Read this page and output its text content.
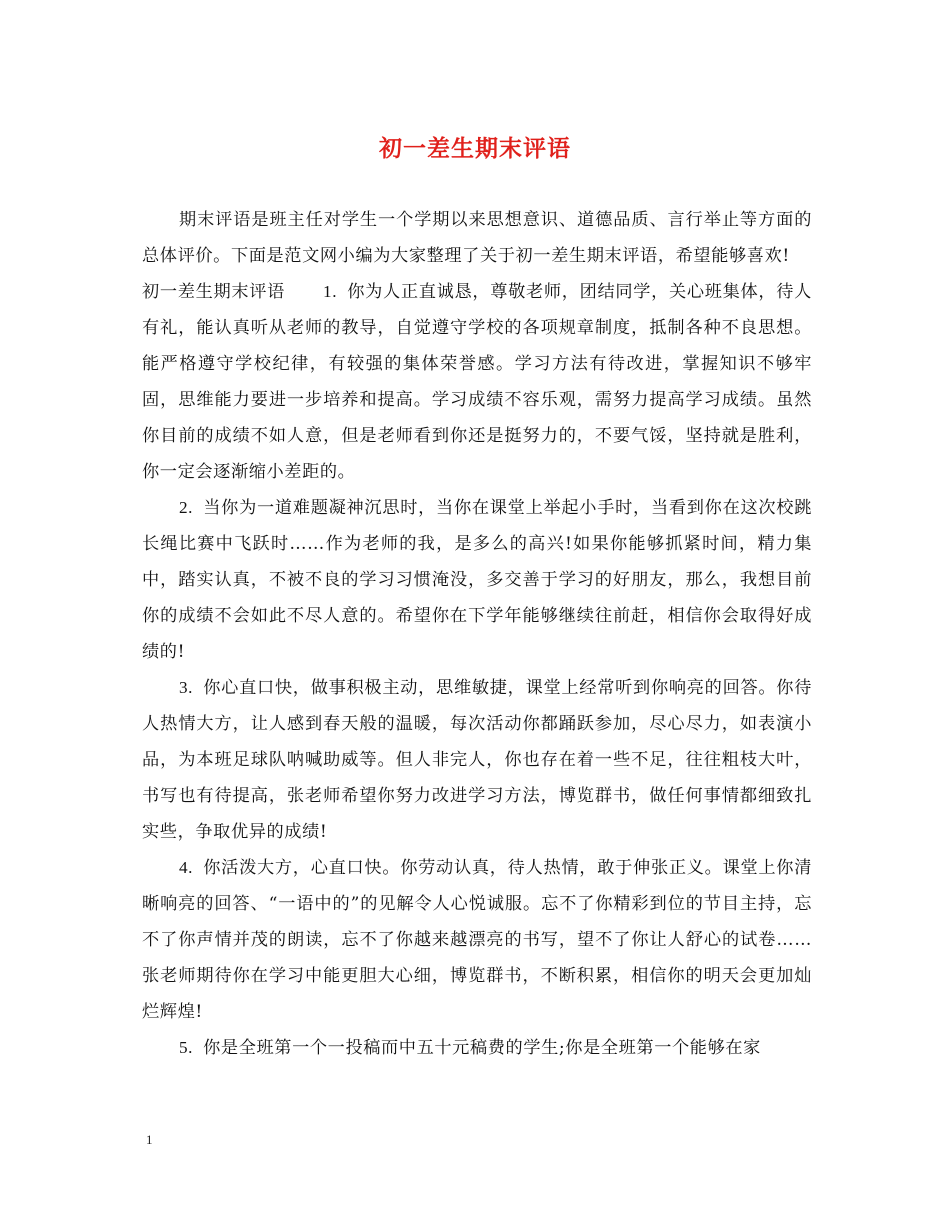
初一差生期末评语

期末评语是班主任对学生一个学期以来思想意识、道德品质、言行举止等方面的总体评价。下面是范文网小编为大家整理了关于初一差生期末评语，希望能够喜欢!

初一差生期末评语 1. 你为人正直诚恳，尊敬老师，团结同学，关心班集体，待人有礼，能认真听从老师的教导，自觉遵守学校的各项规章制度，抵制各种不良思想。能严格遵守学校纪律，有较强的集体荣誉感。学习方法有待改进，掌握知识不够牢固，思维能力要进一步培养和提高。学习成绩不容乐观，需努力提高学习成绩。虽然你目前的成绩不如人意，但是老师看到你还是挺努力的，不要气馁，坚持就是胜利，你一定会逐渐缩小差距的。

2. 当你为一道难题凝神沉思时，当你在课堂上举起小手时，当看到你在这次校跳长绳比赛中飞跃时……作为老师的我，是多么的高兴!如果你能够抓紧时间，精力集中，踏实认真，不被不良的学习习惯淹没，多交善于学习的好朋友，那么，我想目前你的成绩不会如此不尽人意的。希望你在下学年能够继续往前赶，相信你会取得好成绩的!

3. 你心直口快，做事积极主动，思维敏捷，课堂上经常听到你响亮的回答。你待人热情大方，让人感到春天般的温暖，每次活动你都踊跃参加，尽心尽力，如表演小品，为本班足球队呐喊助威等。但人非完人，你也存在着一些不足，往往粗枝大叶，书写也有待提高，张老师希望你努力改进学习方法，博览群书，做任何事情都细致扎实些，争取优异的成绩!

4. 你活泼大方，心直口快。你劳动认真，待人热情，敢于伸张正义。课堂上你清晰响亮的回答、“一语中的”的见解令人心悦诚服。忘不了你精彩到位的节目主持，忘不了你声情并茂的朗读，忘不了你越来越漂亮的书写，望不了你让人舒心的试卷……张老师期待你在学习中能更胆大心细，博览群书，不断积累，相信你的明天会更加灿烂辉煌!

5. 你是全班第一个一投稿而中五十元稿费的学生;你是全班第一个能够在家

1
